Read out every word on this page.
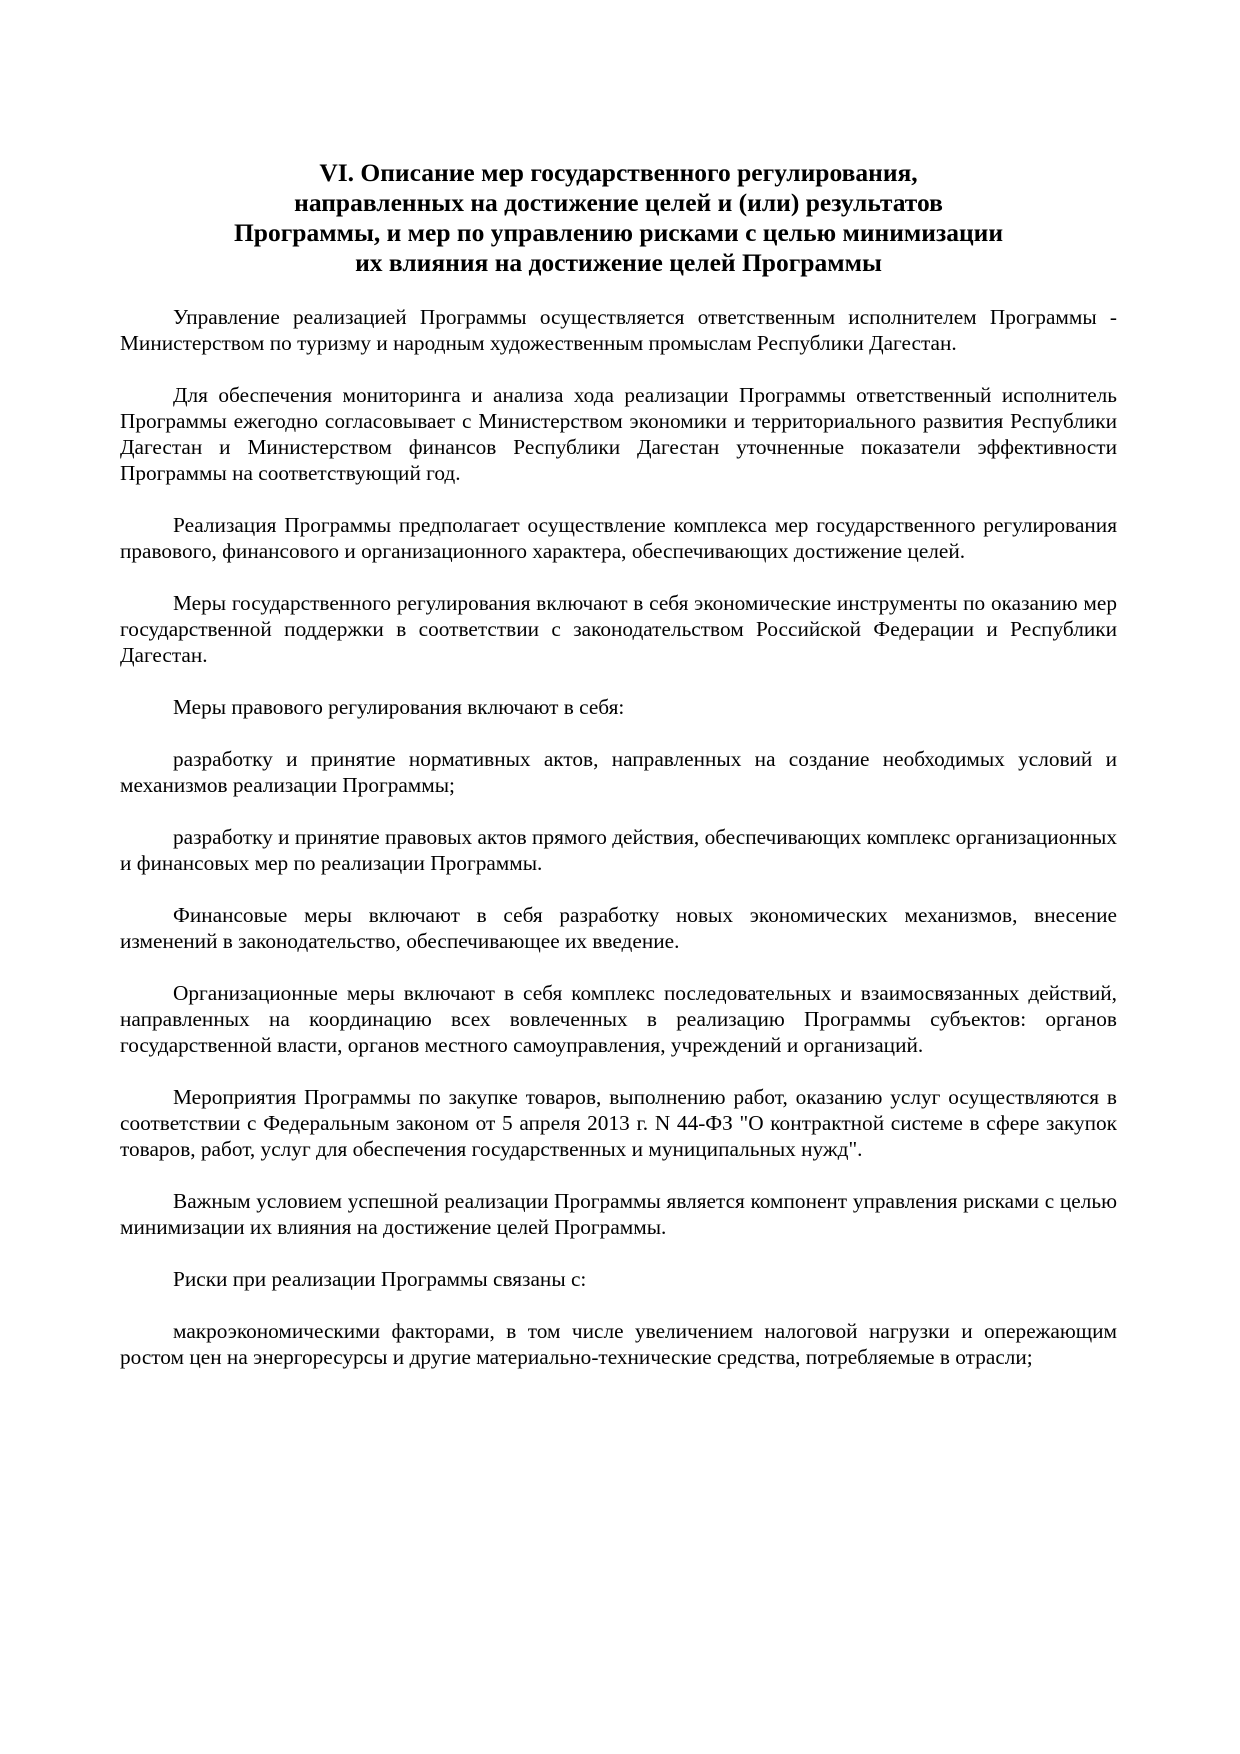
VI. Описание мер государственного регулирования,
направленных на достижение целей и (или) результатов
Программы, и мер по управлению рисками с целью минимизации
их влияния на достижение целей Программы

Управление реализацией Программы осуществляется ответственным исполнителем Программы - Министерством по туризму и народным художественным промыслам Республики Дагестан.

Для обеспечения мониторинга и анализа хода реализации Программы ответственный исполнитель Программы ежегодно согласовывает с Министерством экономики и территориального развития Республики Дагестан и Министерством финансов Республики Дагестан уточненные показатели эффективности Программы на соответствующий год.

Реализация Программы предполагает осуществление комплекса мер государственного регулирования правового, финансового и организационного характера, обеспечивающих достижение целей.

Меры государственного регулирования включают в себя экономические инструменты по оказанию мер государственной поддержки в соответствии с законодательством Российской Федерации и Республики Дагестан.

Меры правового регулирования включают в себя:

разработку и принятие нормативных актов, направленных на создание необходимых условий и механизмов реализации Программы;

разработку и принятие правовых актов прямого действия, обеспечивающих комплекс организационных и финансовых мер по реализации Программы.

Финансовые меры включают в себя разработку новых экономических механизмов, внесение изменений в законодательство, обеспечивающее их введение.

Организационные меры включают в себя комплекс последовательных и взаимосвязанных действий, направленных на координацию всех вовлеченных в реализацию Программы субъектов: органов государственной власти, органов местного самоуправления, учреждений и организаций.

Мероприятия Программы по закупке товаров, выполнению работ, оказанию услуг осуществляются в соответствии с Федеральным законом от 5 апреля 2013 г. N 44-ФЗ "О контрактной системе в сфере закупок товаров, работ, услуг для обеспечения государственных и муниципальных нужд".

Важным условием успешной реализации Программы является компонент управления рисками с целью минимизации их влияния на достижение целей Программы.

Риски при реализации Программы связаны с:

макроэкономическими факторами, в том числе увеличением налоговой нагрузки и опережающим ростом цен на энергоресурсы и другие материально-технические средства, потребляемые в отрасли;
